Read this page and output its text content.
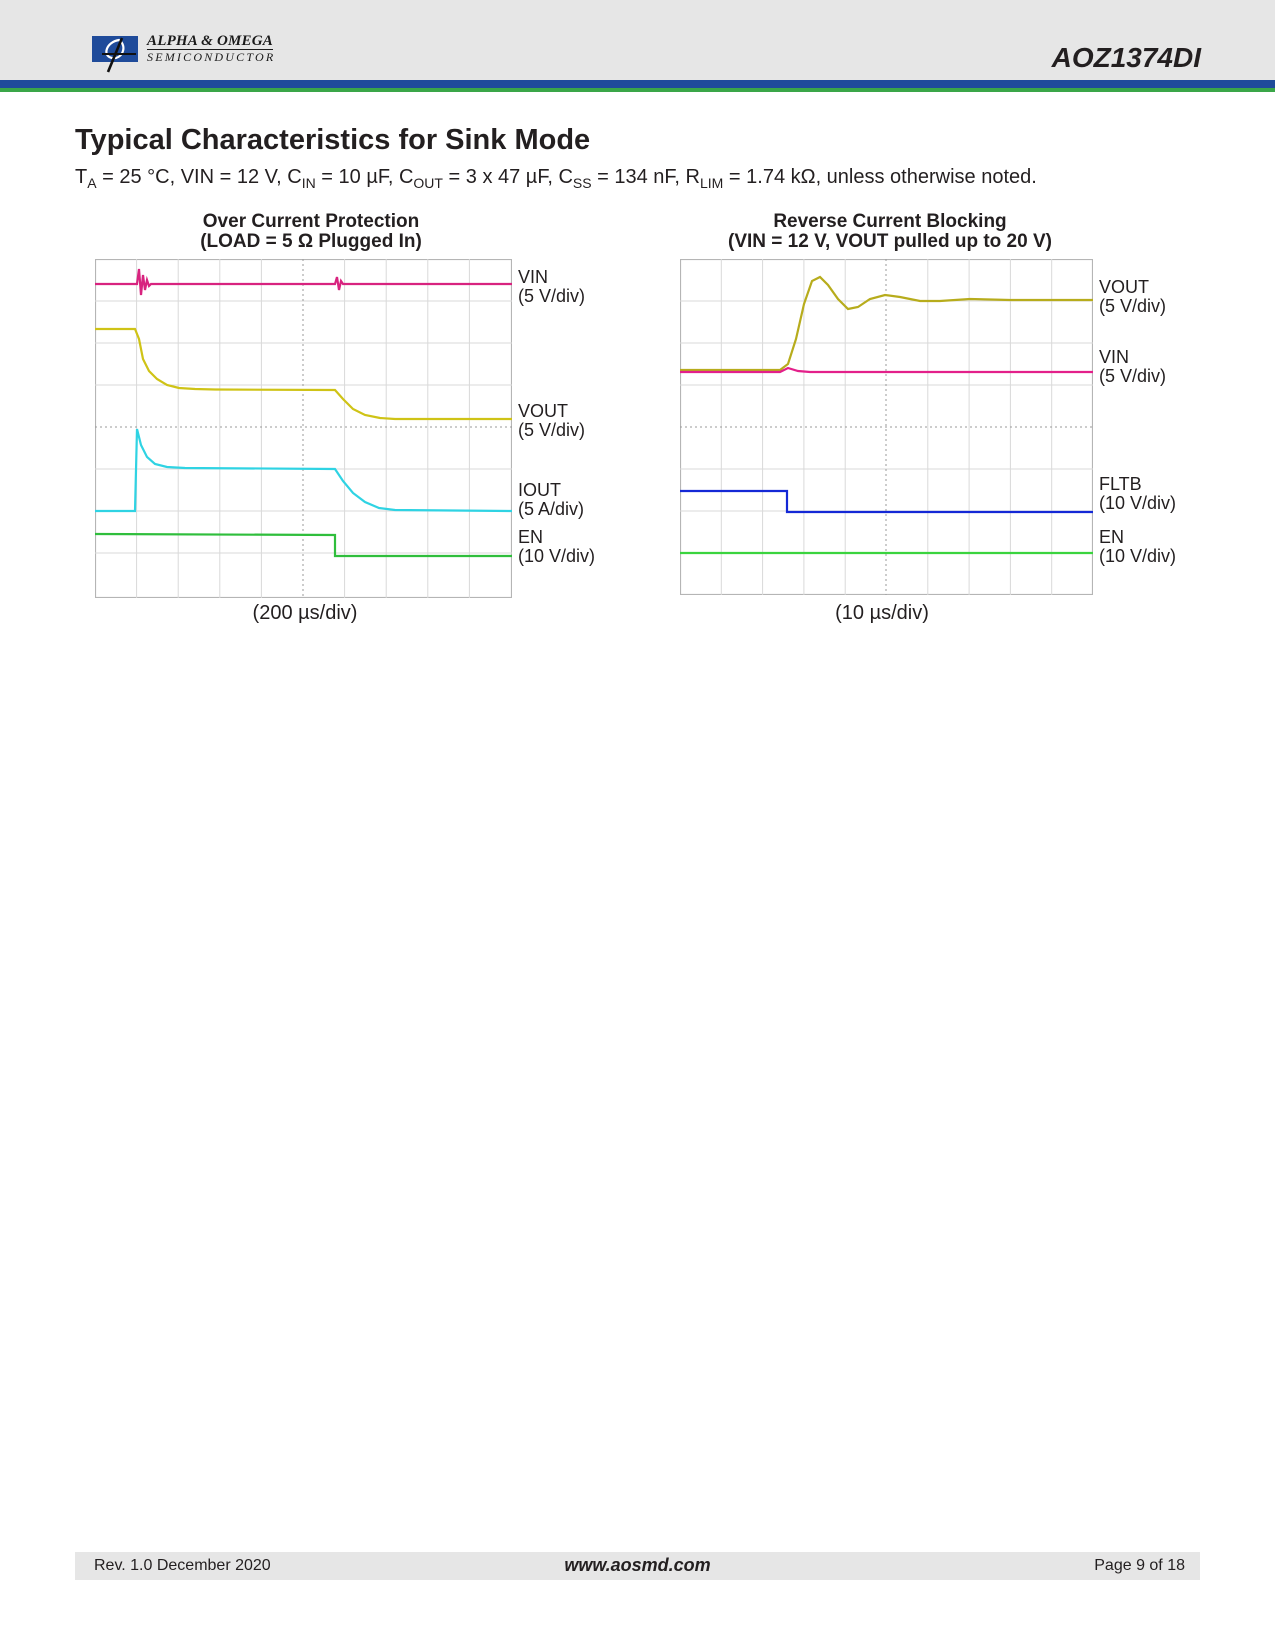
ALPHA & OMEGA
SEMICONDUCTOR	AOZ1374DI
Typical Characteristics for Sink Mode
$T_A = 25$ °C, VIN = 12 V, $C_{IN} = 10$ µF, $C_{OUT} = 3$ x 47 µF, $C_{SS} = 134$ nF, $R_{LIM} = 1.74$ kΩ, unless otherwise noted.
Over Current Protection
(LOAD = 5 Ω Plugged In)
VIN
(5 V/div)
VOUT
(5 V/div)
IOUT
(5 A/div)
EN
(10 V/div)
(200 µs/div)
Reverse Current Blocking
(VIN = 12 V, VOUT pulled up to 20 V)
VOUT
(5 V/div)
VIN
(5 V/div)
FLTB
(10 V/div)
EN
(10 V/div)
(10 µs/div)
Rev. 1.0 December 2020	www.aosmd.com	Page 9 of 18
